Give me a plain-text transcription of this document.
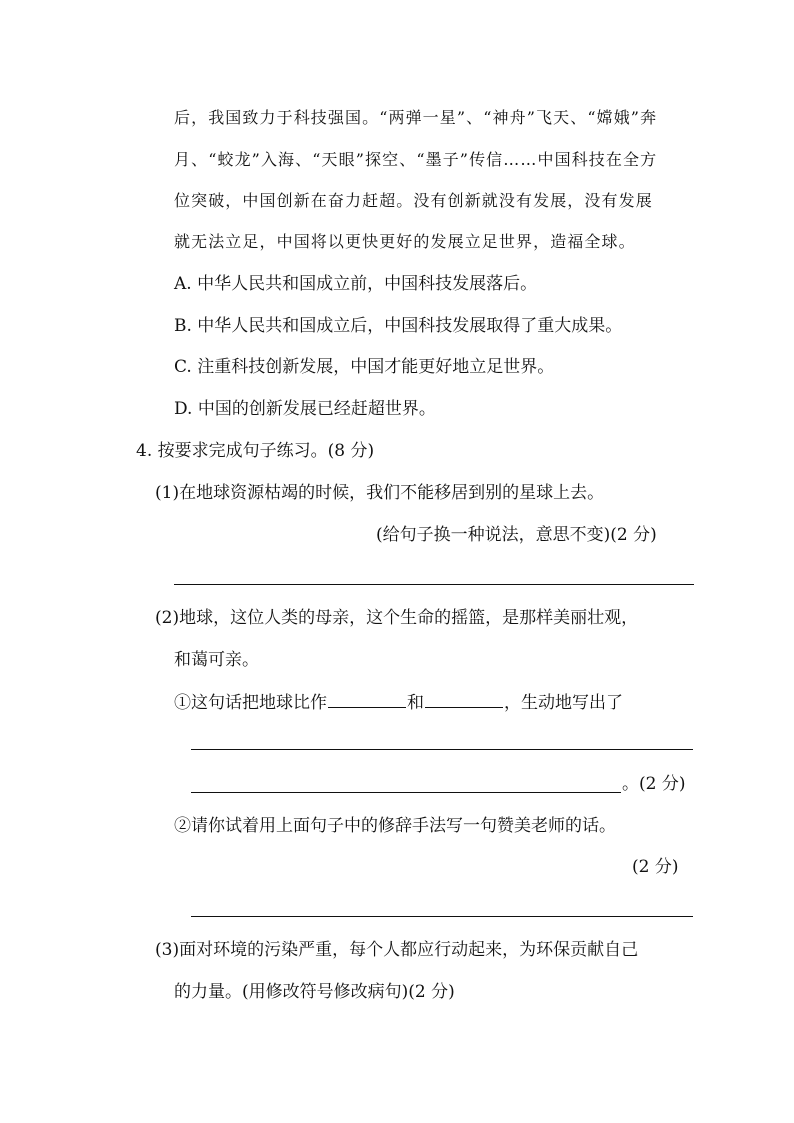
后，我国致力于科技强国。“两弹一星”、“神舟”飞天、“嫦娥”奔
月、“蛟龙”入海、“天眼”探空、“墨子”传信……中国科技在全方
位突破，中国创新在奋力赶超。没有创新就没有发展，没有发展
就无法立足，中国将以更快更好的发展立足世界，造福全球。
A. 中华人民共和国成立前，中国科技发展落后。
B. 中华人民共和国成立后，中国科技发展取得了重大成果。
C. 注重科技创新发展，中国才能更好地立足世界。
D. 中国的创新发展已经赶超世界。
4. 按要求完成句子练习。(8 分)
(1)在地球资源枯竭的时候，我们不能移居到别的星球上去。
(给句子换一种说法，意思不变)(2 分)
(2)地球，这位人类的母亲，这个生命的摇篮，是那样美丽壮观，
和蔼可亲。
①这句话把地球比作	和	，生动地写出了
。(2 分)
②请你试着用上面句子中的修辞手法写一句赞美老师的话。
(2 分)
(3)面对环境的污染严重，每个人都应行动起来，为环保贡献自己
的力量。(用修改符号修改病句)(2 分)
